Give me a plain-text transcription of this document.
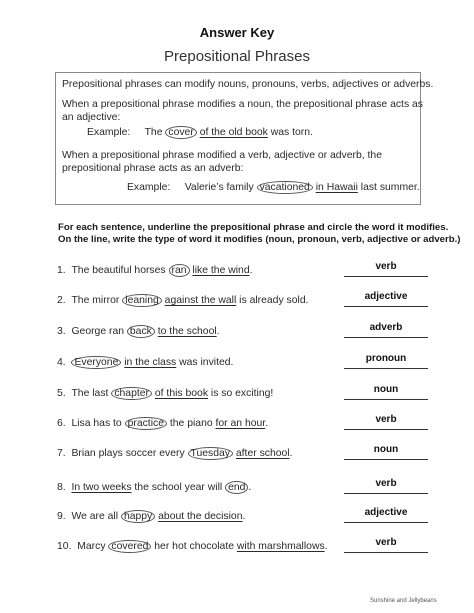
Answer Key
Prepositional Phrases
Prepositional phrases can modify nouns, pronouns, verbs, adjectives or adverbs.
When a prepositional phrase modifies a noun, the prepositional phrase acts as
an adjective:
Example: The cover of the old book was torn.
When a prepositional phrase modified a verb, adjective or adverb, the
prepositional phrase acts as an adverb:
Example: Valerie’s family vacationed in Hawaii last summer.
For each sentence, underline the prepositional phrase and circle the word it modifies.
On the line, write the type of word it modifies (noun, pronoun, verb, adjective or adverb.)
1. The beautiful horses ran like the wind.	verb
2. The mirror leaning against the wall is already sold.	adjective
3. George ran back to the school.	adverb
4. Everyone in the class was invited.	pronoun
5. The last chapter of this book is so exciting!	noun
6. Lisa has to practice the piano for an hour.	verb
7. Brian plays soccer every Tuesday after school.	noun
8. In two weeks the school year will end .	verb
9. We are all happy about the decision.	adjective
10. Marcy covered her hot chocolate with marshmallows.	verb
Sunshine and Jellybeans
